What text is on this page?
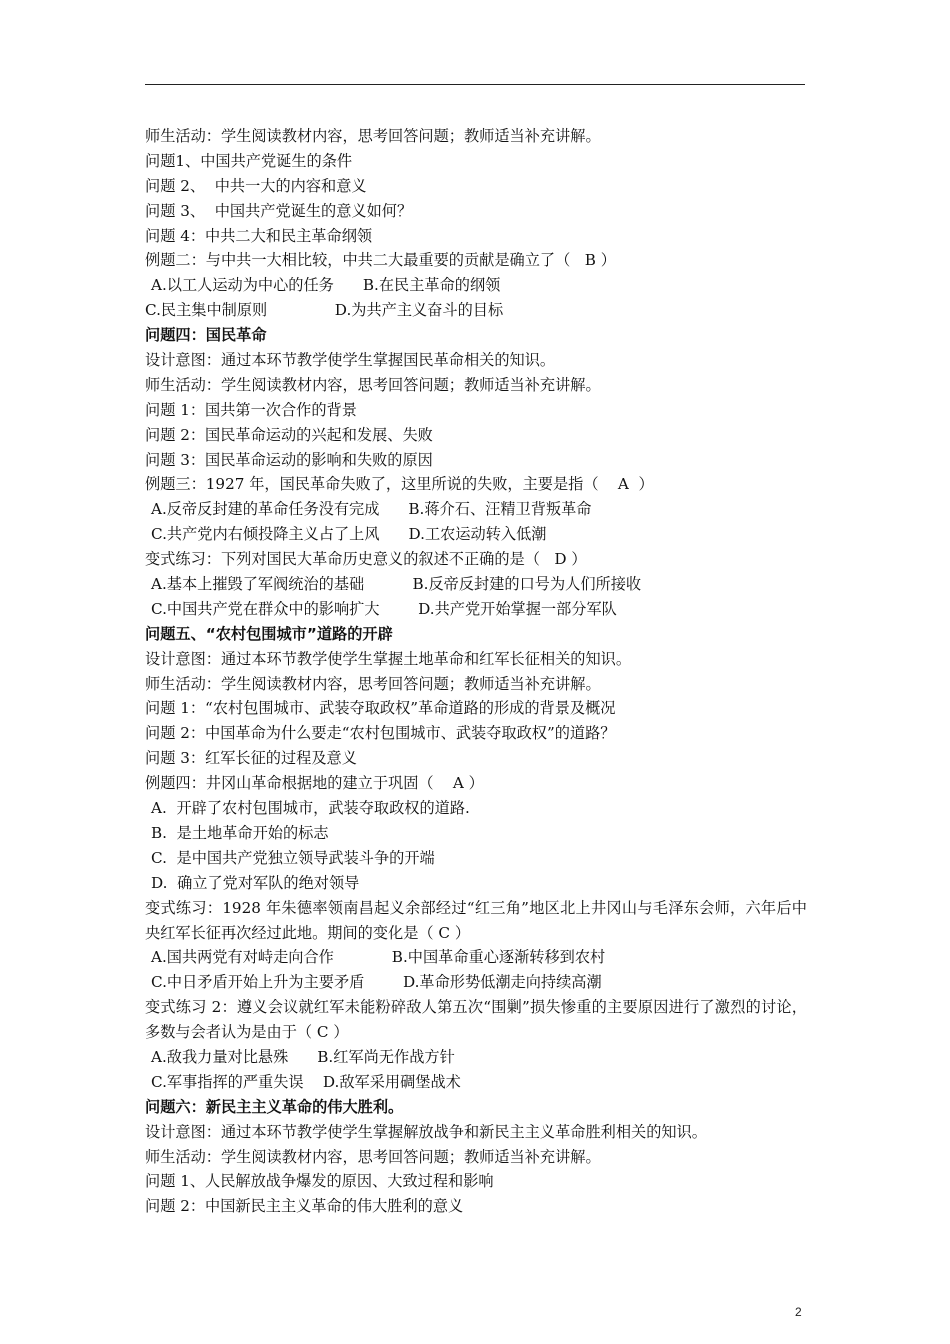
师生活动：学生阅读教材内容，思考回答问题；教师适当补充讲解。
问题1、中国共产党诞生的条件
问题 2、  中共一大的内容和意义
问题 3、  中国共产党诞生的意义如何？
问题 4：中共二大和民主革命纲领
例题二：与中共一大相比较，中共二大最重要的贡献是确立了（   B ）
A.以工人运动为中心的任务      B.在民主革命的纲领
C.民主集中制原则              D.为共产主义奋斗的目标
问题四：国民革命
设计意图：通过本环节教学使学生掌握国民革命相关的知识。
师生活动：学生阅读教材内容，思考回答问题；教师适当补充讲解。
问题 1：国共第一次合作的背景
问题 2：国民革命运动的兴起和发展、失败
问题 3：国民革命运动的影响和失败的原因
例题三：1927 年，国民革命失败了，这里所说的失败，主要是指（    A  ）
A.反帝反封建的革命任务没有完成      B.蒋介石、汪精卫背叛革命
C.共产党内右倾投降主义占了上风      D.工农运动转入低潮
变式练习：下列对国民大革命历史意义的叙述不正确的是（   D ）
A.基本上摧毁了军阀统治的基础          B.反帝反封建的口号为人们所接收
C.中国共产党在群众中的影响扩大        D.共产党开始掌握一部分军队
问题五、“农村包围城市”道路的开辟
设计意图：通过本环节教学使学生掌握土地革命和红军长征相关的知识。
师生活动：学生阅读教材内容，思考回答问题；教师适当补充讲解。
问题 1：“农村包围城市、武装夺取政权”革命道路的形成的背景及概况
问题 2：中国革命为什么要走“农村包围城市、武装夺取政权”的道路？
问题 3：红军长征的过程及意义
例题四：井冈山革命根据地的建立于巩固（    A ）
A.  开辟了农村包围城市，武装夺取政权的道路.
B.  是土地革命开始的标志
C.  是中国共产党独立领导武装斗争的开端
D.  确立了党对军队的绝对领导
变式练习：1928 年朱德率领南昌起义余部经过“红三角”地区北上井冈山与毛泽东会师，六年后中央红军长征再次经过此地。期间的变化是（ C ）
A.国共两党有对峙走向合作            B.中国革命重心逐渐转移到农村
C.中日矛盾开始上升为主要矛盾        D.革命形势低潮走向持续高潮
变式练习 2：遵义会议就红军未能粉碎敌人第五次“围剿”损失惨重的主要原因进行了激烈的讨论，多数与会者认为是由于（ C ）
A.敌我力量对比悬殊      B.红军尚无作战方针
C.军事指挥的严重失误    D.敌军采用碉堡战术
问题六：新民主主义革命的伟大胜利。
设计意图：通过本环节教学使学生掌握解放战争和新民主主义革命胜利相关的知识。
师生活动：学生阅读教材内容，思考回答问题；教师适当补充讲解。
问题 1、人民解放战争爆发的原因、大致过程和影响
问题 2：中国新民主主义革命的伟大胜利的意义
2
